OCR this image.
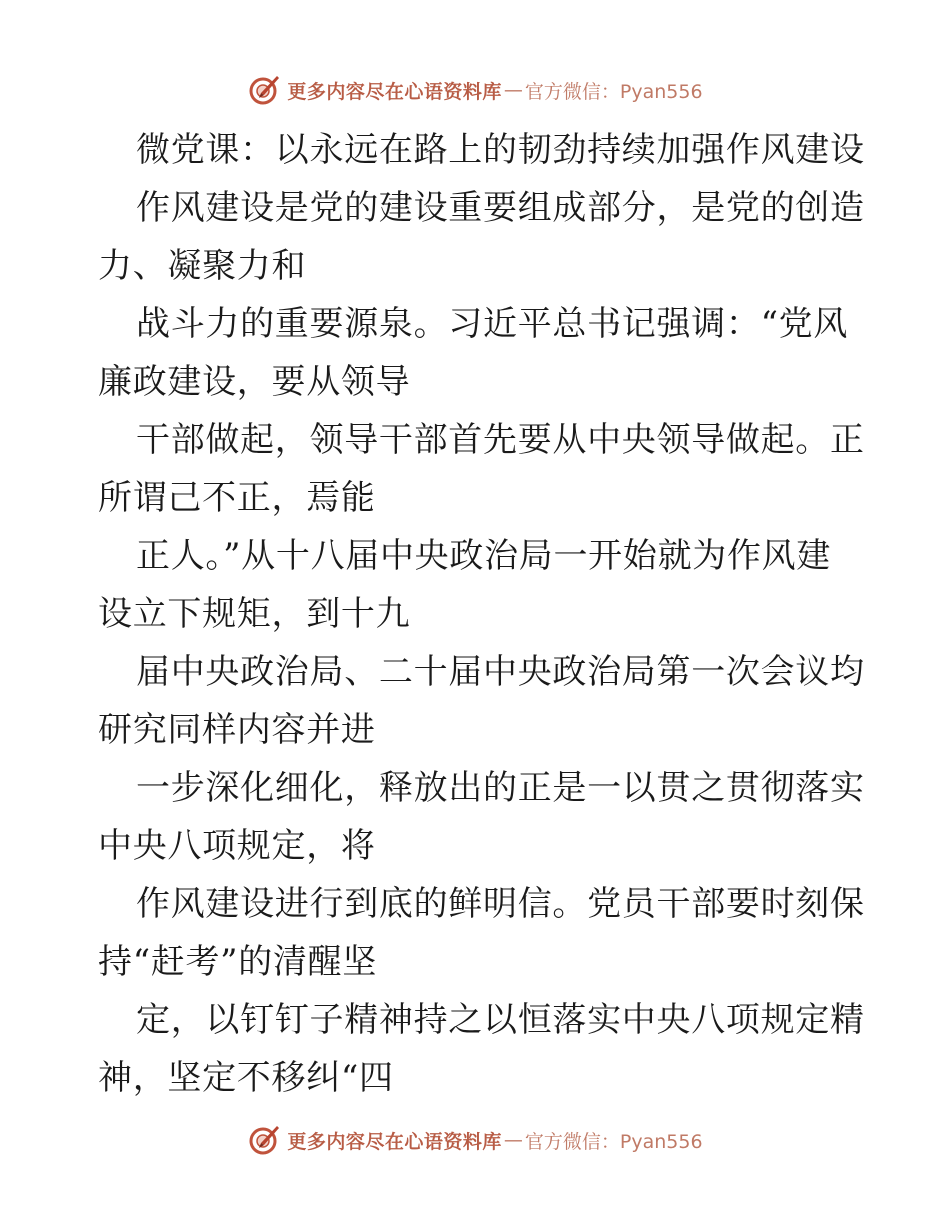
更多内容尽在心语资料库 — 官方微信：Pyan556
微党课：以永远在路上的韧劲持续加强作风建设
作风建设是党的建设重要组成部分，是党的创造
力、凝聚力和
战斗力的重要源泉。习近平总书记强调：“党风
廉政建设，要从领导
干部做起，领导干部首先要从中央领导做起。正
所谓己不正，焉能
正人。”从十八届中央政治局一开始就为作风建
设立下规矩，到十九
届中央政治局、二十届中央政治局第一次会议均
研究同样内容并进
一步深化细化，释放出的正是一以贯之贯彻落实
中央八项规定，将
作风建设进行到底的鲜明信。党员干部要时刻保
持“赶考”的清醒坚
定，以钉钉子精神持之以恒落实中央八项规定精
神，坚定不移纠“四
更多内容尽在心语资料库 — 官方微信：Pyan556
